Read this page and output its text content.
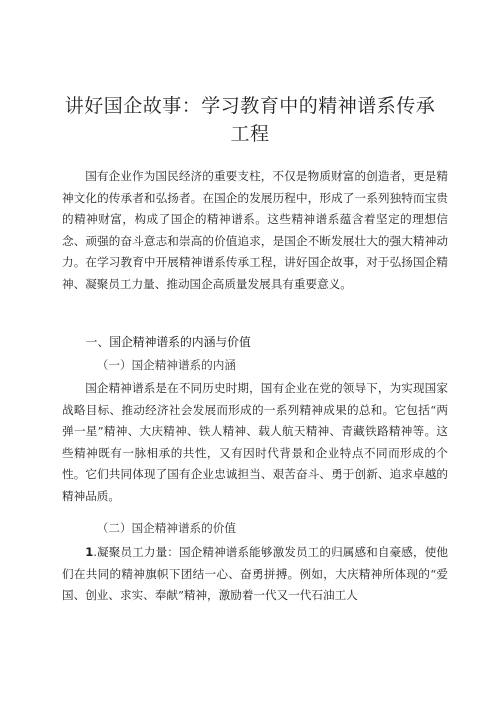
讲好国企故事：学习教育中的精神谱系传承工程

国有企业作为国民经济的重要支柱，不仅是物质财富的创造者，更是精神文化的传承者和弘扬者。在国企的发展历程中，形成了一系列独特而宝贵的精神财富，构成了国企的精神谱系。这些精神谱系蕴含着坚定的理想信念、顽强的奋斗意志和崇高的价值追求，是国企不断发展壮大的强大精神动力。在学习教育中开展精神谱系传承工程，讲好国企故事，对于弘扬国企精神、凝聚员工力量、推动国企高质量发展具有重要意义。

一、国企精神谱系的内涵与价值

（一）国企精神谱系的内涵

国企精神谱系是在不同历史时期，国有企业在党的领导下，为实现国家战略目标、推动经济社会发展而形成的一系列精神成果的总和。它包括“两弹一星”精神、大庆精神、铁人精神、载人航天精神、青藏铁路精神等。这些精神既有一脉相承的共性，又有因时代背景和企业特点不同而形成的个性。它们共同体现了国有企业忠诚担当、艰苦奋斗、勇于创新、追求卓越的精神品质。

（二）国企精神谱系的价值

1.凝聚员工力量：国企精神谱系能够激发员工的归属感和自豪感，使他们在共同的精神旗帜下团结一心、奋勇拼搏。例如，大庆精神所体现的“爱国、创业、求实、奉献”精神，激励着一代又一代石油工人
